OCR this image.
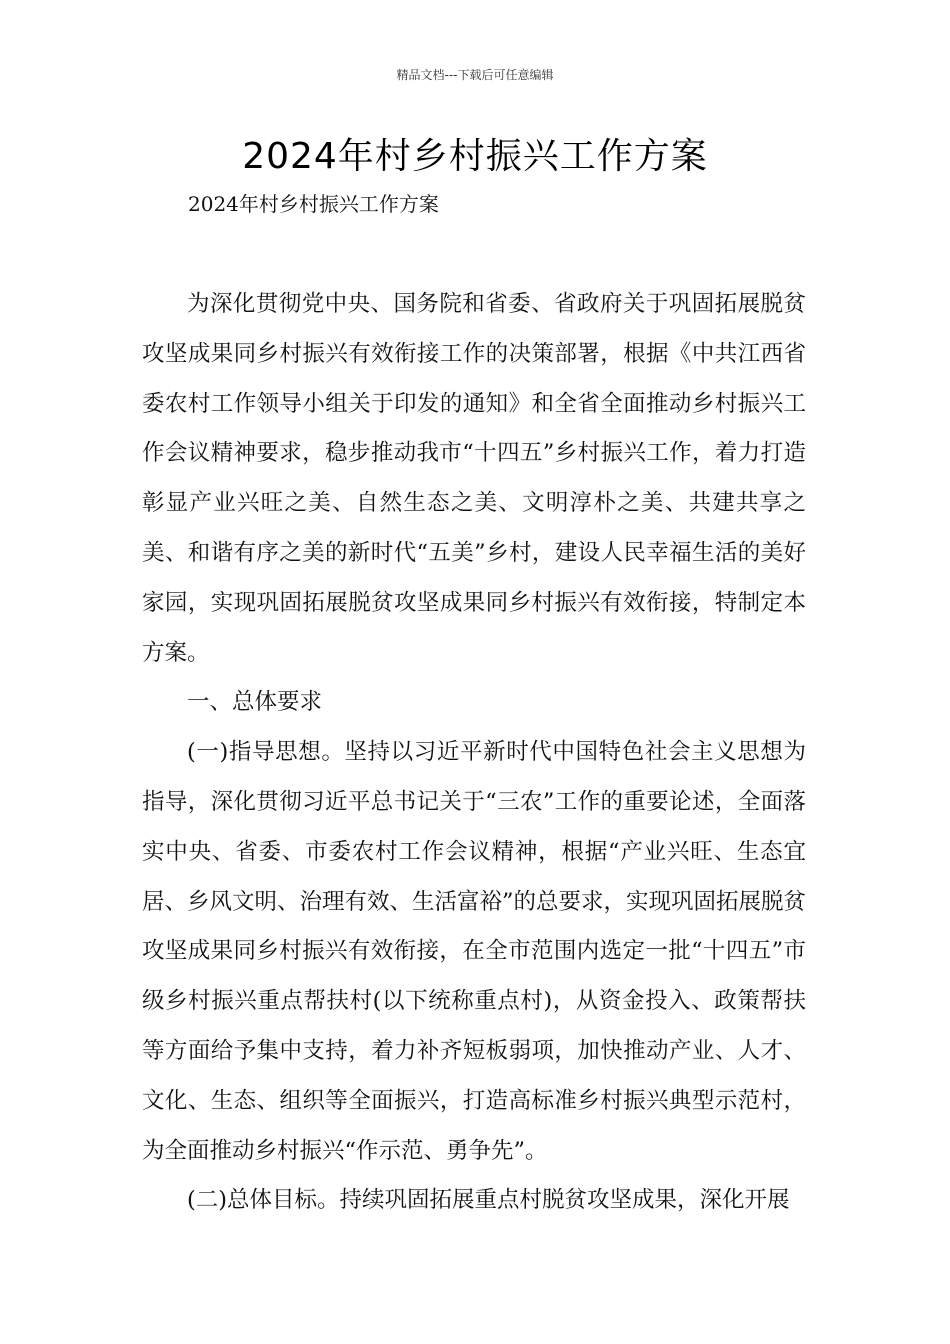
精品文档---下载后可任意编辑
2024年村乡村振兴工作方案
2024年村乡村振兴工作方案

为深化贯彻党中央、国务院和省委、省政府关于巩固拓展脱贫攻坚成果同乡村振兴有效衔接工作的决策部署，根据《中共江西省委农村工作领导小组关于印发的通知》和全省全面推动乡村振兴工作会议精神要求，稳步推动我市“十四五”乡村振兴工作，着力打造彰显产业兴旺之美、自然生态之美、文明淳朴之美、共建共享之美、和谐有序之美的新时代“五美”乡村，建设人民幸福生活的美好家园，实现巩固拓展脱贫攻坚成果同乡村振兴有效衔接，特制定本方案。

一、总体要求

(一)指导思想。坚持以习近平新时代中国特色社会主义思想为指导，深化贯彻习近平总书记关于“三农”工作的重要论述，全面落实中央、省委、市委农村工作会议精神，根据“产业兴旺、生态宜居、乡风文明、治理有效、生活富裕”的总要求，实现巩固拓展脱贫攻坚成果同乡村振兴有效衔接，在全市范围内选定一批“十四五”市级乡村振兴重点帮扶村(以下统称重点村)，从资金投入、政策帮扶等方面给予集中支持，着力补齐短板弱项，加快推动产业、人才、文化、生态、组织等全面振兴，打造高标准乡村振兴典型示范村，为全面推动乡村振兴“作示范、勇争先”。

(二)总体目标。持续巩固拓展重点村脱贫攻坚成果，深化开展
